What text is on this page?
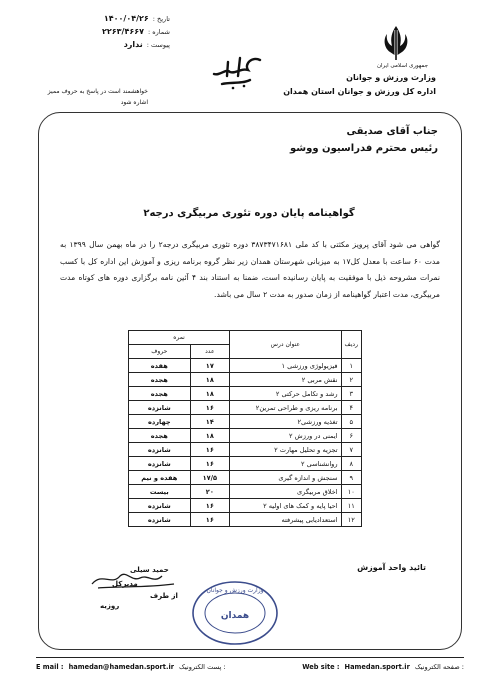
جمهوری اسلامی ایران
وزارت ورزش و جوانان
اداره کل ورزش و جوانان استان همدان
تاریخ :
۱۴۰۰/۰۴/۲۶
شماره :
۲۲۶۳/۴۶۶۷
پیوست :
ندارد
خواهشمند است در پاسخ به حروف ممیز
اشاره شود
جناب آقای صدیقی
رئیس محترم فدراسیون ووشو
گواهینامه پایان دوره تئوری مربیگری درجه۲
گواهی می شود آقای پرویز مکثتی با کد ملی ۳۸۷۳۴۷۱۶۸۱ دوره تئوری مربیگری درجه۲ را در ماه بهمن سال ۱۳۹۹ به مدت ۶۰ ساعت با معدل کل۱۷ به میزبانی شهرستان همدان زیر نظر گروه برنامه ریزی و آموزش این اداره کل با کسب نمرات مشروحه ذیل با موفقیت به پایان رسانیده است، ضمنا به استناد بند ۴ آئین نامه برگزاری دوره های کوتاه مدت مربیگری، مدت اعتبار گواهینامه از زمان صدور به مدت ۲ سال می باشد.
ردیف	عنوان درس	نمره	
		عدد	حروف
۱	فیزیولوژی ورزشی ۱	۱۷	هفده
۲	نقش مربی ۲	۱۸	هجده
۳	رشد و تکامل حرکتی ۲	۱۸	هجده
۴	برنامه ریزی و طراحی تمرین۲	۱۶	شانزده
۵	تغذیه ورزشی۲	۱۴	چهارده
۶	ایمنی در ورزش ۲	۱۸	هجده
۷	تجزیه و تحلیل مهارت ۲	۱۶	شانزده
۸	روانشناسی ۲	۱۶	شانزده
۹	سنجش و اندازه گیری	۱۷/۵	هفده و نیم
۱۰	اخلاق مربیگری	۲۰	بیست
۱۱	احیا پایه و کمک های اولیه ۲	۱۶	شانزده
۱۲	استعدادیابی پیشرفته	۱۶	شانزده
تائید واحد آموزش
حمید سیلی
مدیرکل
از طرف
روزبه
وزارت ورزش و جوانان
همدان
E mail : hamedan@hamedan.sport.ir پست الکترونیک :	Web site : Hamedan.sport.ir صفحه الکترونیک :
